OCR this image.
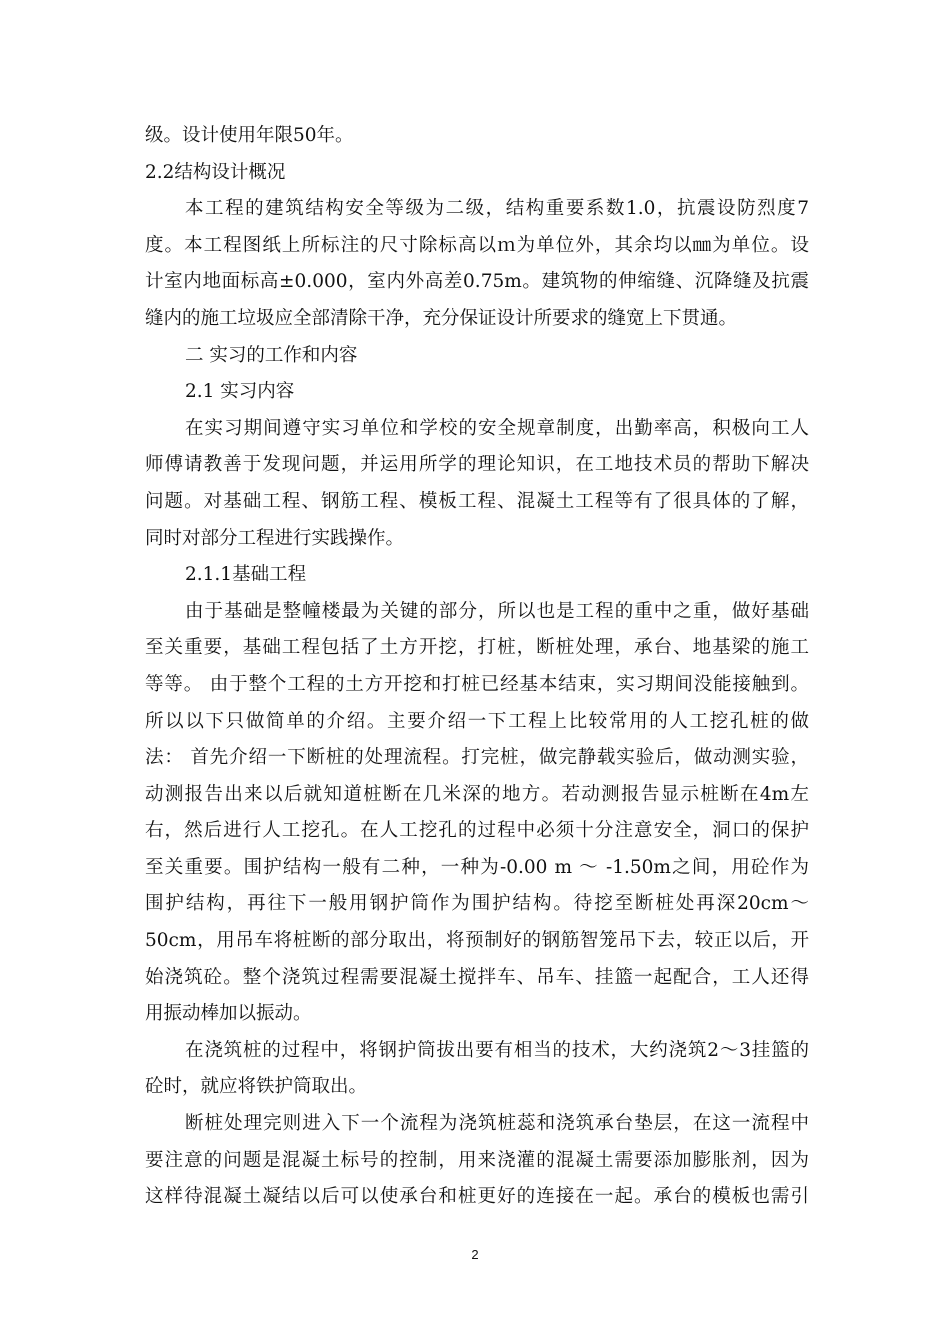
级。设计使用年限50年。
2.2结构设计概况
本工程的建筑结构安全等级为二级，结构重要系数1.0，抗震设防烈度7
度。本工程图纸上所标注的尺寸除标高以ｍ为单位外，其余均以㎜为单位。设
计室内地面标高±0.000，室内外高差0.75m。建筑物的伸缩缝、沉降缝及抗震
缝内的施工垃圾应全部清除干净，充分保证设计所要求的缝宽上下贯通。
二 实习的工作和内容
2.1 实习内容
在实习期间遵守实习单位和学校的安全规章制度，出勤率高，积极向工人
师傅请教善于发现问题，并运用所学的理论知识，在工地技术员的帮助下解决
问题。对基础工程、钢筋工程、模板工程、混凝土工程等有了很具体的了解，
同时对部分工程进行实践操作。
2.1.1基础工程
由于基础是整幢楼最为关键的部分，所以也是工程的重中之重，做好基础
至关重要，基础工程包括了土方开挖，打桩，断桩处理，承台、地基梁的施工
等等。 由于整个工程的土方开挖和打桩已经基本结束，实习期间没能接触到。
所以以下只做简单的介绍。主要介绍一下工程上比较常用的人工挖孔桩的做
法： 首先介绍一下断桩的处理流程。打完桩，做完静载实验后，做动测实验，
动测报告出来以后就知道桩断在几米深的地方。若动测报告显示桩断在4m左
右，然后进行人工挖孔。在人工挖孔的过程中必须十分注意安全，洞口的保护
至关重要。围护结构一般有二种，一种为-0.00 m ～ -1.50m之间，用砼作为
围护结构，再往下一般用钢护筒作为围护结构。待挖至断桩处再深20cm～
50cm，用吊车将桩断的部分取出，将预制好的钢筋智笼吊下去，较正以后，开
始浇筑砼。整个浇筑过程需要混凝土搅拌车、吊车、挂篮一起配合，工人还得
用振动棒加以振动。
在浇筑桩的过程中，将钢护筒拔出要有相当的技术，大约浇筑2～3挂篮的
砼时，就应将铁护筒取出。
断桩处理完则进入下一个流程为浇筑桩蕊和浇筑承台垫层，在这一流程中
要注意的问题是混凝土标号的控制，用来浇灌的混凝土需要添加膨胀剂，因为
这样待混凝土凝结以后可以使承台和桩更好的连接在一起。承台的模板也需引
2
